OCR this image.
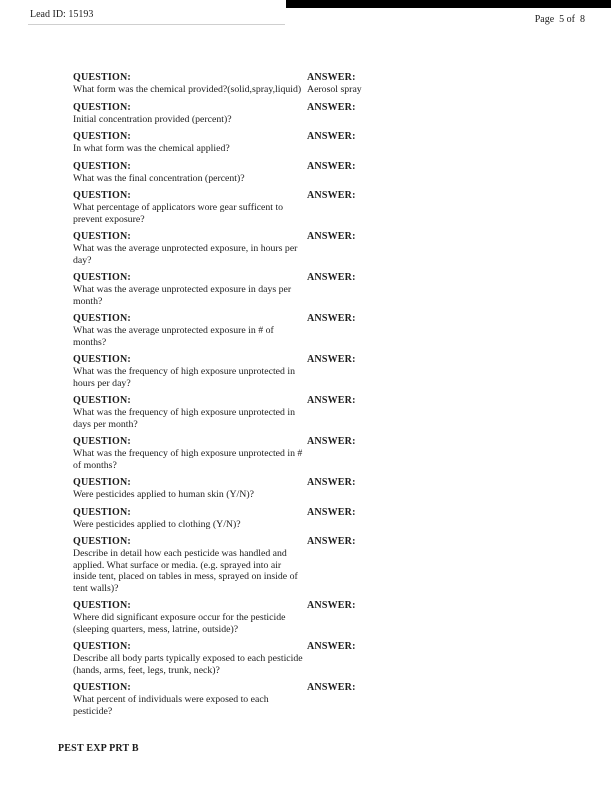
Lead ID: 15193	Page  5 of  8
QUESTION:
What form was the chemical provided?(solid,spray,liquid)
ANSWER:
Aerosol spray
QUESTION:
Initial concentration provided (percent)?
ANSWER:
QUESTION:
In what form was the chemical applied?
ANSWER:
QUESTION:
What was the final concentration (percent)?
ANSWER:
QUESTION:
What percentage of applicators wore gear sufficent to prevent exposure?
ANSWER:
QUESTION:
What was the average unprotected exposure, in hours per day?
ANSWER:
QUESTION:
What was the average unprotected exposure in days per month?
ANSWER:
QUESTION:
What was the average unprotected exposure in # of months?
ANSWER:
QUESTION:
What was the frequency of high exposure unprotected in hours per day?
ANSWER:
QUESTION:
What was the frequency of high exposure unprotected in days per month?
ANSWER:
QUESTION:
What was the frequency of high exposure unprotected in # of months?
ANSWER:
QUESTION:
Were pesticides applied to human skin (Y/N)?
ANSWER:
QUESTION:
Were pesticides applied to clothing (Y/N)?
ANSWER:
QUESTION:
Describe in detail how each pesticide was handled and applied. What surface or media. (e.g. sprayed into air inside tent, placed on tables in mess, sprayed on inside of tent walls)?
ANSWER:
QUESTION:
Where did significant exposure occur for the pesticide (sleeping quarters, mess, latrine, outside)?
ANSWER:
QUESTION:
Describe all body parts typically exposed to each pesticide (hands, arms, feet, legs, trunk, neck)?
ANSWER:
QUESTION:
What percent of individuals were exposed to each pesticide?
ANSWER:
PEST EXP PRT B
